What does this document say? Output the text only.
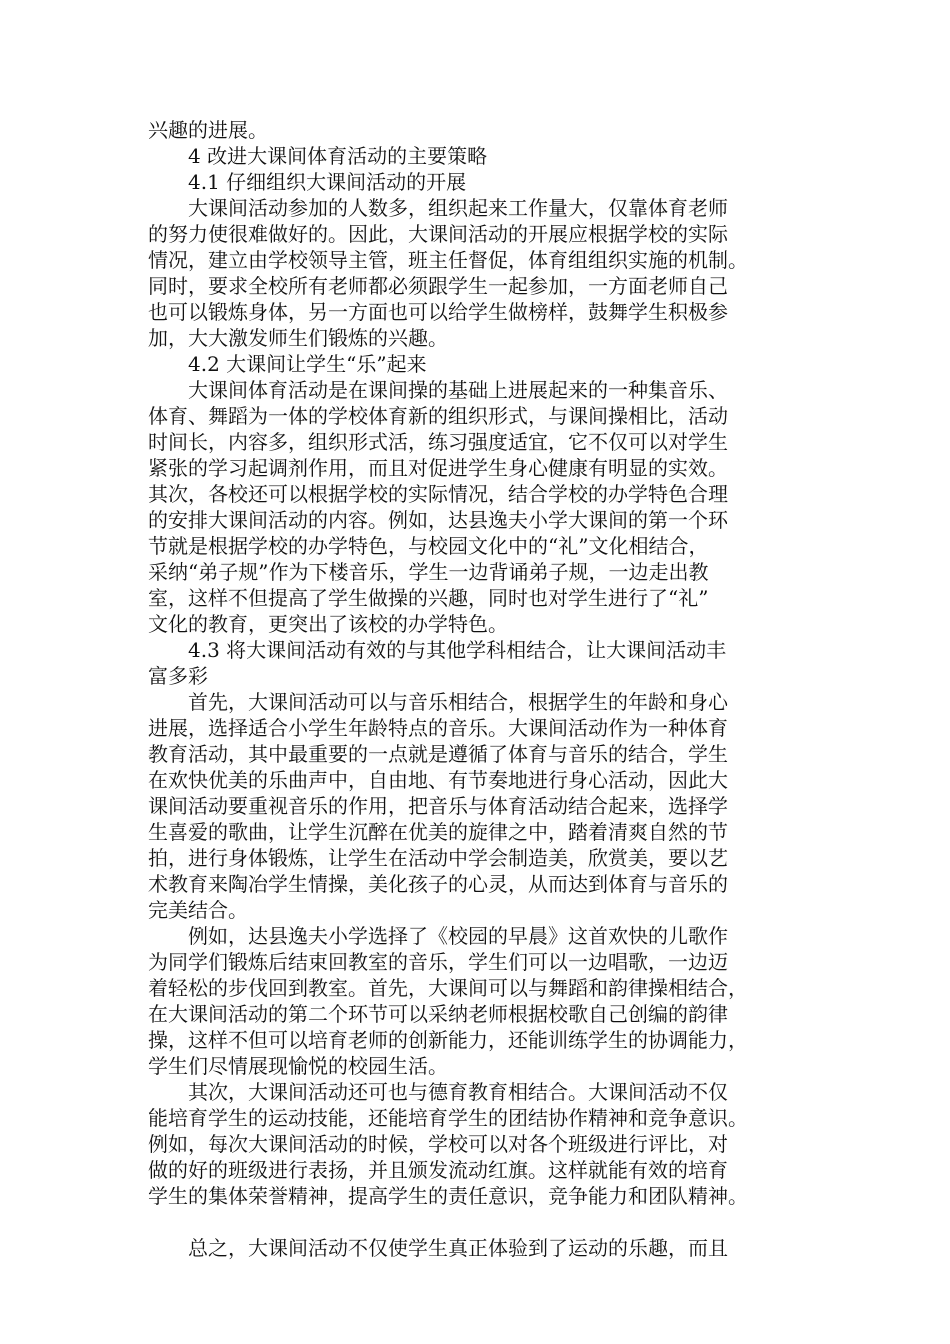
兴趣的进展。
4 改进大课间体育活动的主要策略
4.1 仔细组织大课间活动的开展
大课间活动参加的人数多，组织起来工作量大，仅靠体育老师
的努力使很难做好的。因此，大课间活动的开展应根据学校的实际
情况，建立由学校领导主管，班主任督促，体育组组织实施的机制。
同时，要求全校所有老师都必须跟学生一起参加，一方面老师自己
也可以锻炼身体，另一方面也可以给学生做榜样，鼓舞学生积极参
加，大大激发师生们锻炼的兴趣。
4.2 大课间让学生“乐”起来
大课间体育活动是在课间操的基础上进展起来的一种集音乐、
体育、舞蹈为一体的学校体育新的组织形式，与课间操相比，活动
时间长，内容多，组织形式活，练习强度适宜，它不仅可以对学生
紧张的学习起调剂作用，而且对促进学生身心健康有明显的实效。
其次，各校还可以根据学校的实际情况，结合学校的办学特色合理
的安排大课间活动的内容。例如，达县逸夫小学大课间的第一个环
节就是根据学校的办学特色，与校园文化中的“礼”文化相结合，
采纳“弟子规”作为下楼音乐，学生一边背诵弟子规，一边走出教
室，这样不但提高了学生做操的兴趣，同时也对学生进行了“礼”
文化的教育，更突出了该校的办学特色。
4.3 将大课间活动有效的与其他学科相结合，让大课间活动丰
富多彩
首先，大课间活动可以与音乐相结合，根据学生的年龄和身心
进展，选择适合小学生年龄特点的音乐。大课间活动作为一种体育
教育活动，其中最重要的一点就是遵循了体育与音乐的结合，学生
在欢快优美的乐曲声中，自由地、有节奏地进行身心活动，因此大
课间活动要重视音乐的作用，把音乐与体育活动结合起来，选择学
生喜爱的歌曲，让学生沉醉在优美的旋律之中，踏着清爽自然的节
拍，进行身体锻炼，让学生在活动中学会制造美，欣赏美，要以艺
术教育来陶冶学生情操，美化孩子的心灵，从而达到体育与音乐的
完美结合。
例如，达县逸夫小学选择了《校园的早晨》这首欢快的儿歌作
为同学们锻炼后结束回教室的音乐，学生们可以一边唱歌，一边迈
着轻松的步伐回到教室。首先，大课间可以与舞蹈和韵律操相结合，
在大课间活动的第二个环节可以采纳老师根据校歌自己创编的韵律
操，这样不但可以培育老师的创新能力，还能训练学生的协调能力，
学生们尽情展现愉悦的校园生活。
其次，大课间活动还可也与德育教育相结合。大课间活动不仅
能培育学生的运动技能，还能培育学生的团结协作精神和竞争意识。
例如，每次大课间活动的时候，学校可以对各个班级进行评比，对
做的好的班级进行表扬，并且颁发流动红旗。这样就能有效的培育
学生的集体荣誉精神，提高学生的责任意识，竞争能力和团队精神。
总之，大课间活动不仅使学生真正体验到了运动的乐趣，而且
